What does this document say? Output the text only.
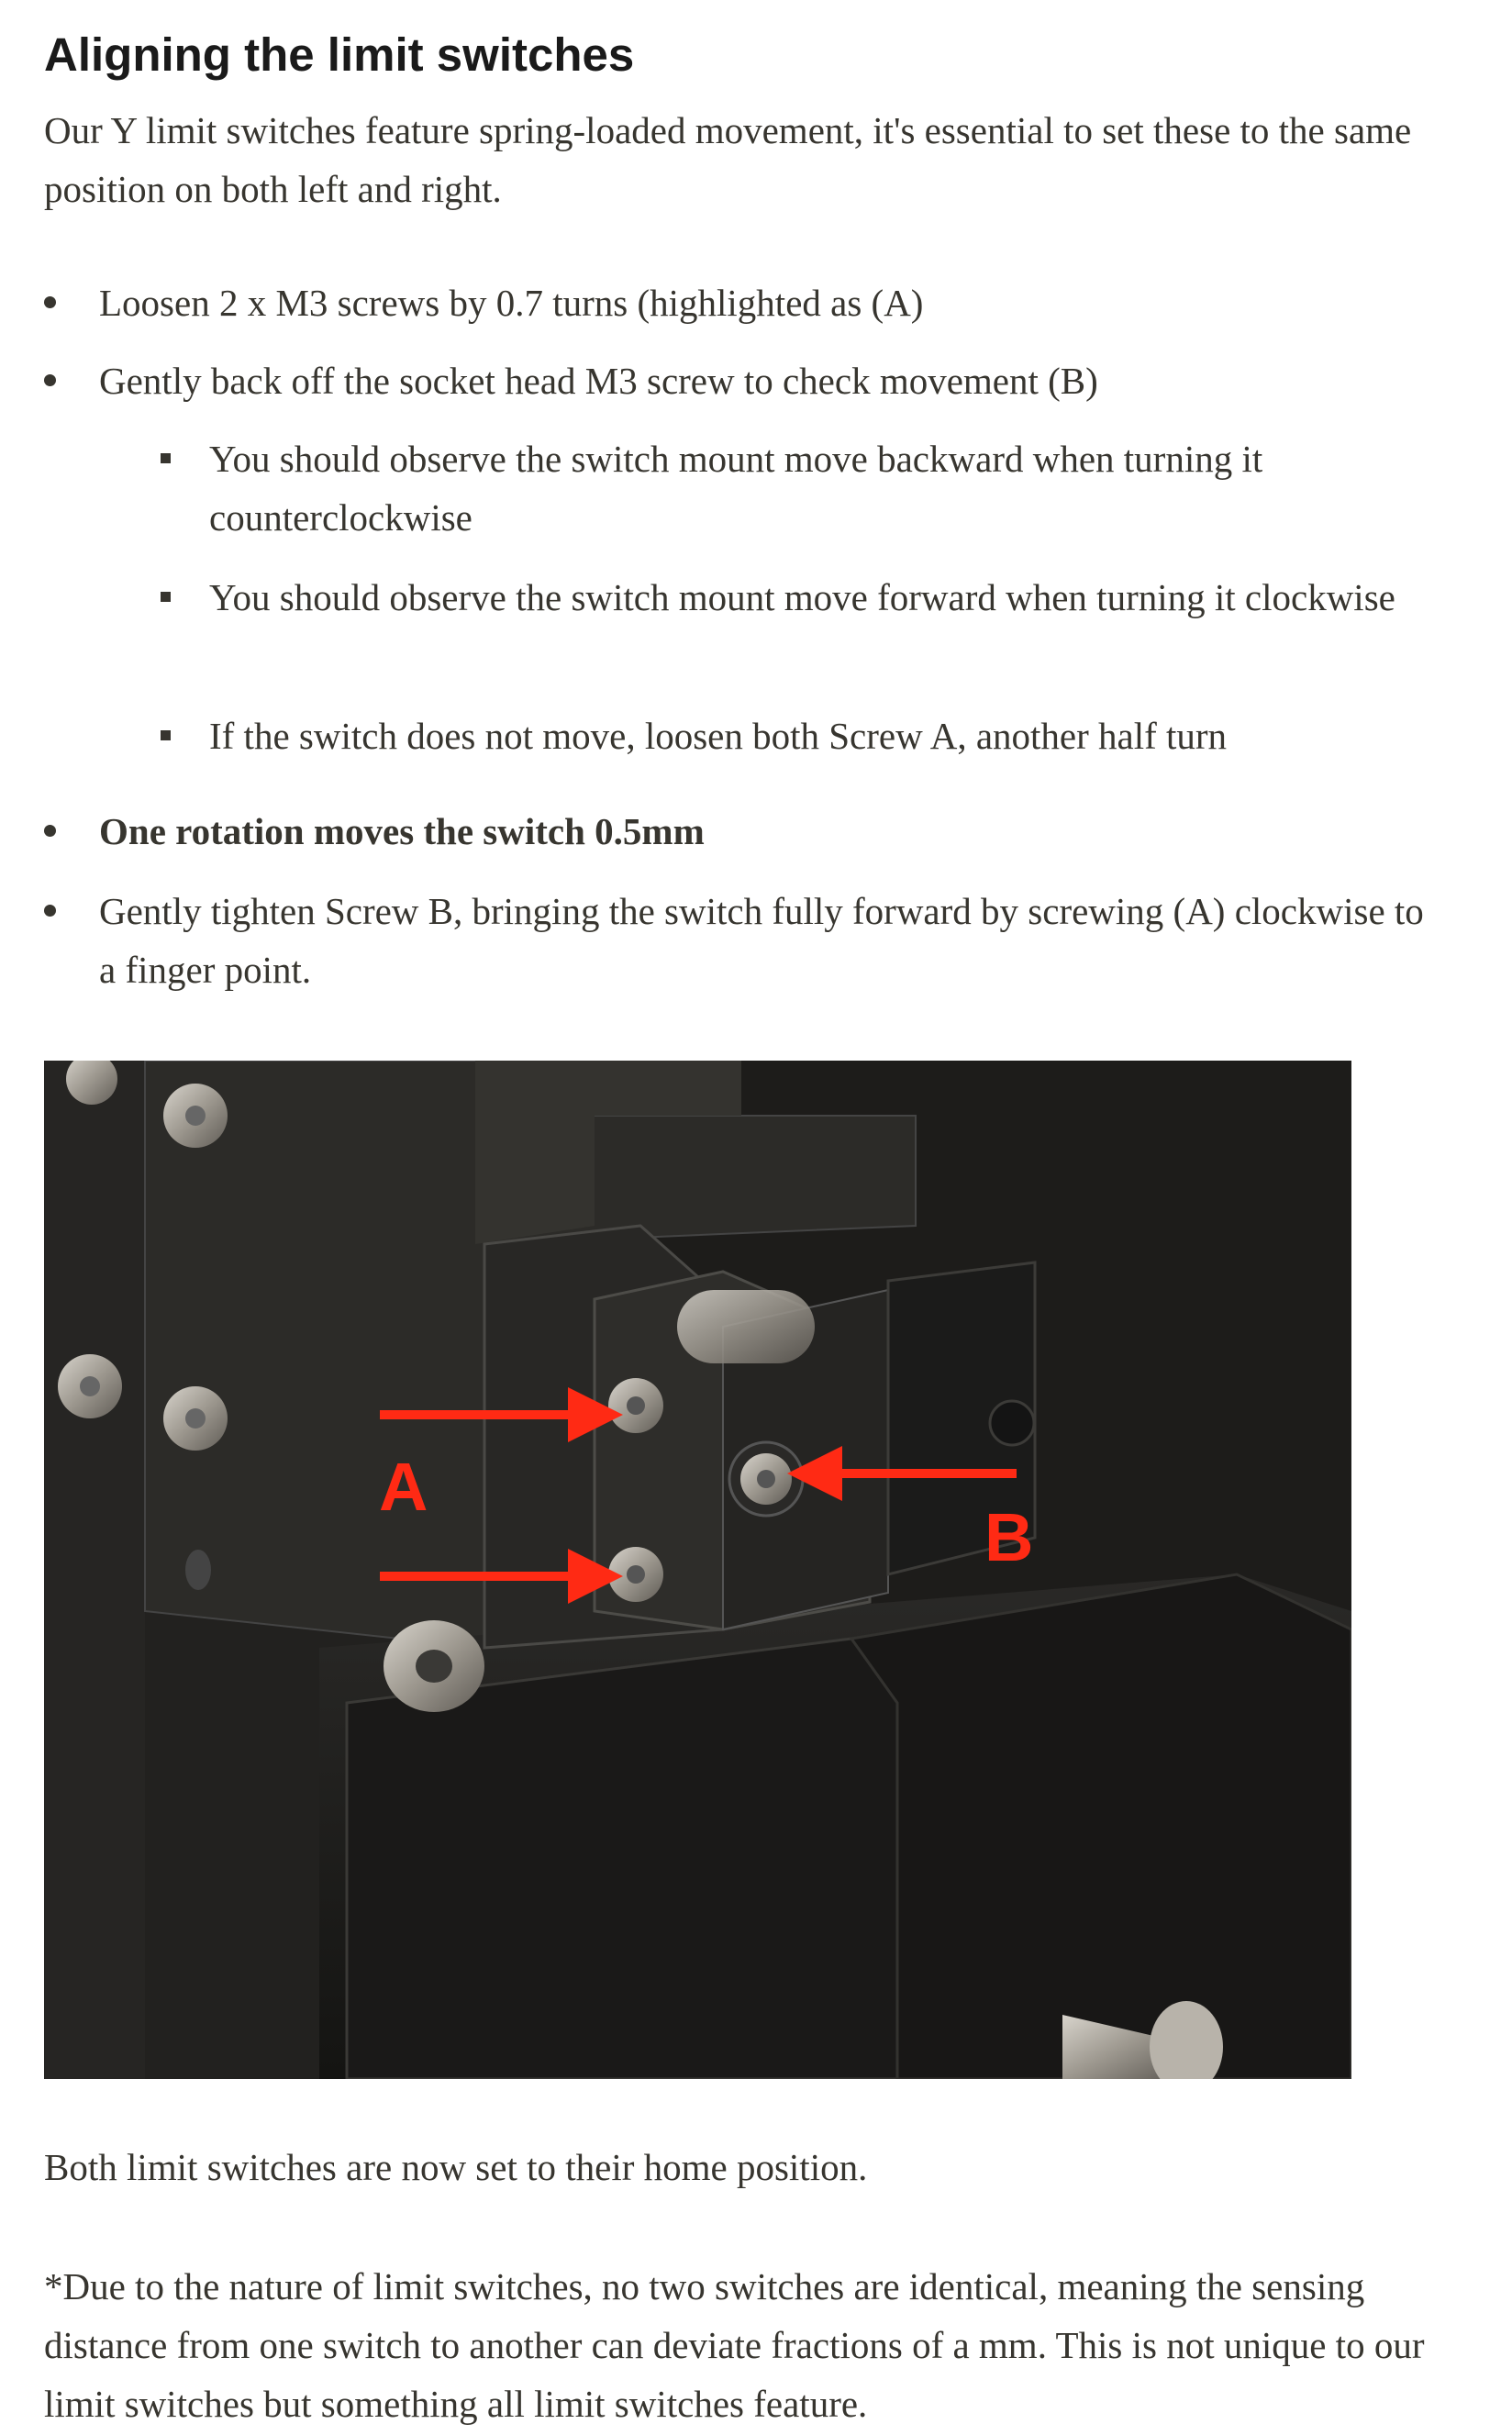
Aligning the limit switches

Our Y limit switches feature spring-loaded movement, it's essential to set these to the same position on both left and right.

Loosen 2 x M3 screws by 0.7 turns (highlighted as (A)
Gently back off the socket head M3 screw to check movement (B)
You should observe the switch mount move backward when turning it counterclockwise
You should observe the switch mount move forward when turning it clockwise
If the switch does not move, loosen both Screw A, another half turn
One rotation moves the switch 0.5mm
Gently tighten Screw B, bringing the switch fully forward by screwing (A) clockwise to a finger point.
A
B

Both limit switches are now set to their home position.

*Due to the nature of limit switches, no two switches are identical, meaning the sensing distance from one switch to another can deviate fractions of a mm. This is not unique to our limit switches but something all limit switches feature.
